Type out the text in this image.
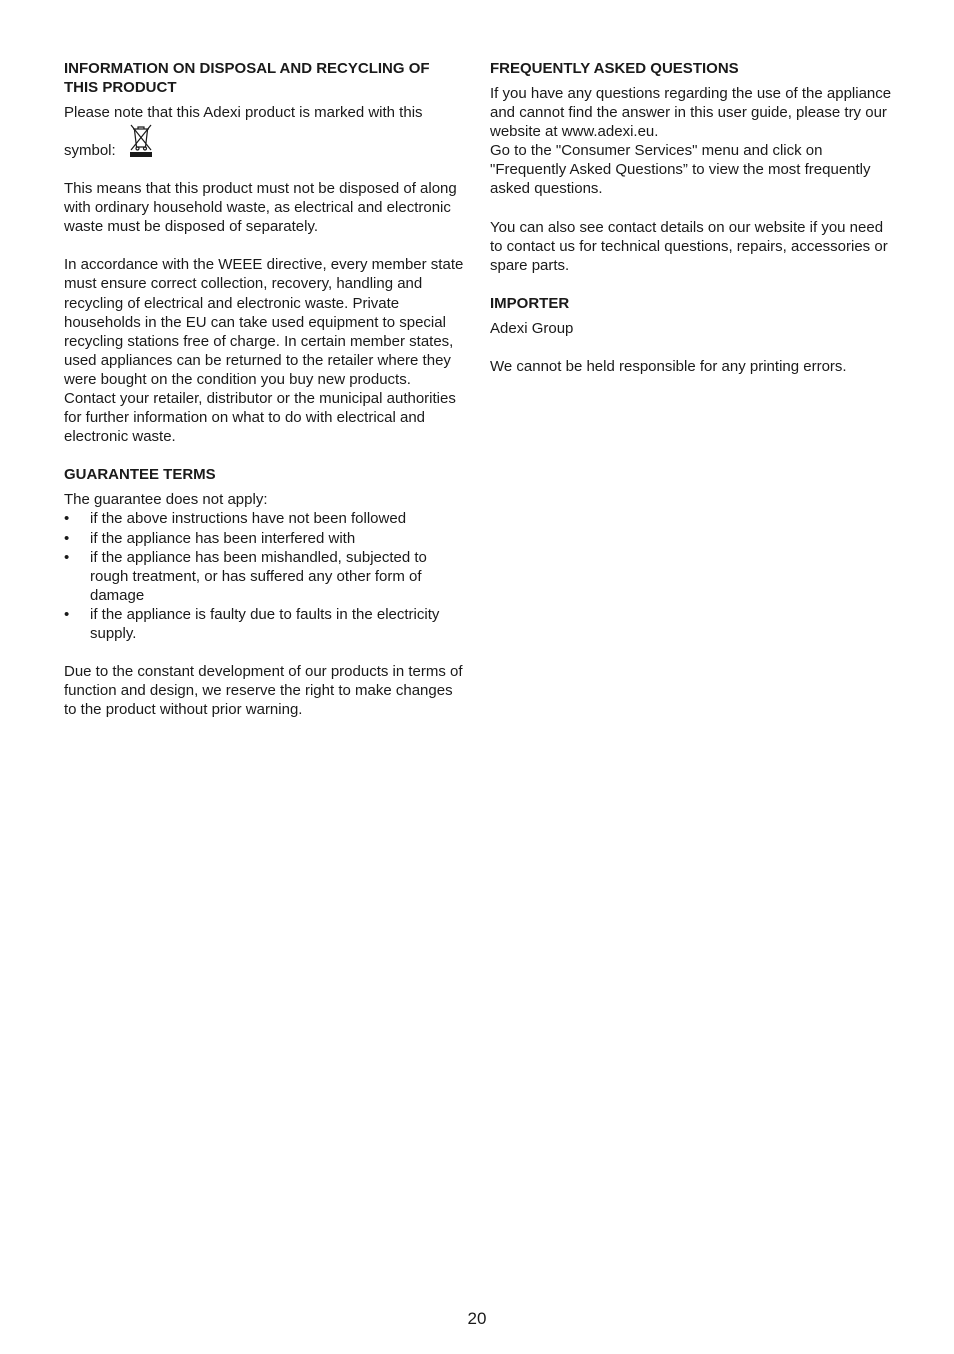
INFORMATION ON DISPOSAL AND RECYCLING OF THIS PRODUCT

Please note that this Adexi product is marked with this

symbol:

This means that this product must not be disposed of along with ordinary household waste, as electrical and electronic waste must be disposed of separately.

In accordance with the WEEE directive, every member state must ensure correct collection, recovery, handling and recycling of electrical and electronic waste. Private households in the EU can take used equipment to special recycling stations free of charge. In certain member states, used appliances can be returned to the retailer where they were bought on the condition you buy new products. Contact your retailer, distributor or the municipal authorities for further information on what to do with electrical and electronic waste.

GUARANTEE TERMS

The guarantee does not apply:

• if the above instructions have not been followed
• if the appliance has been interfered with
• if the appliance has been mishandled, subjected to rough treatment, or has suffered any other form of damage
• if the appliance is faulty due to faults in the electricity supply.

Due to the constant development of our products in terms of function and design, we reserve the right to make changes to the product without prior warning.

FREQUENTLY ASKED QUESTIONS

If you have any questions regarding the use of the appliance and cannot find the answer in this user guide, please try our website at www.adexi.eu.

Go to the "Consumer Services" menu and click on "Frequently Asked Questions” to view the most frequently asked questions.

You can also see contact details on our website if you need to contact us for technical questions, repairs, accessories or spare parts.

IMPORTER

Adexi Group

We cannot be held responsible for any printing errors.

20
